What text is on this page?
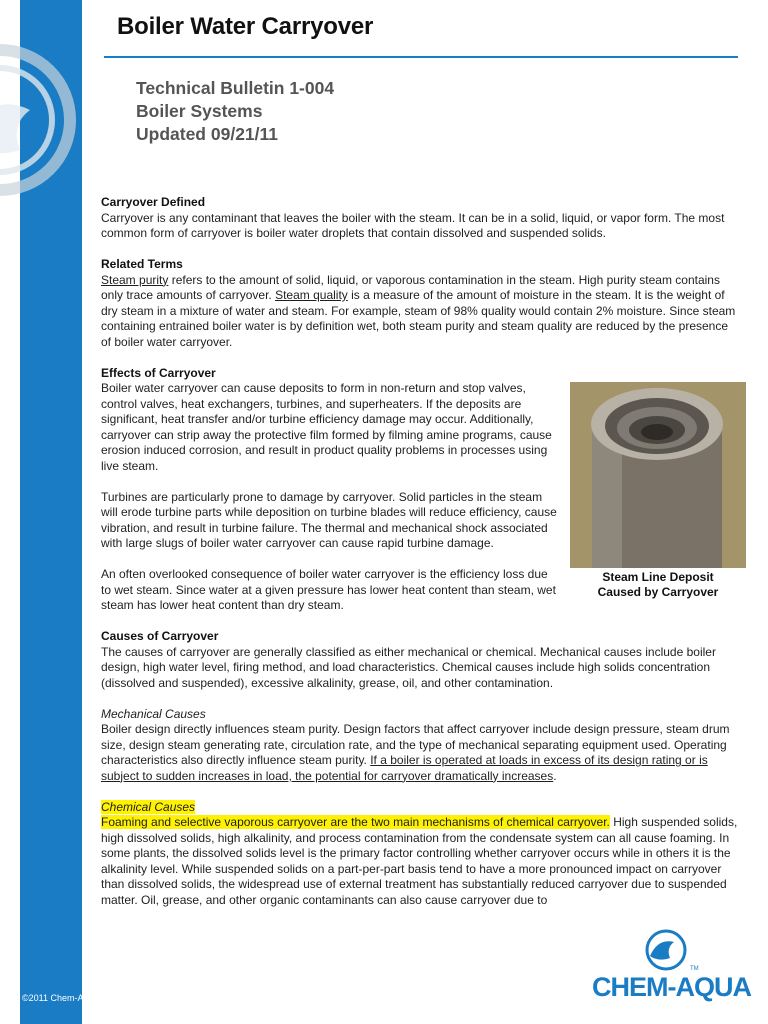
Boiler Water Carryover
Technical Bulletin 1-004
Boiler Systems
Updated 09/21/11
Carryover Defined

Carryover is any contaminant that leaves the boiler with the steam. It can be in a solid, liquid, or vapor form. The most common form of carryover is boiler water droplets that contain dissolved and suspended solids.

Related Terms

Steam purity refers to the amount of solid, liquid, or vaporous contamination in the steam. High purity steam contains only trace amounts of carryover. Steam quality is a measure of the amount of moisture in the steam. It is the weight of dry steam in a mixture of water and steam. For example, steam of 98% quality would contain 2% moisture. Since steam containing entrained boiler water is by definition wet, both steam purity and steam quality are reduced by the presence of boiler water carryover.

Effects of Carryover

Boiler water carryover can cause deposits to form in non-return and stop valves, control valves, heat exchangers, turbines, and superheaters. If the deposits are significant, heat transfer and/or turbine efficiency damage may occur. Additionally, carryover can strip away the protective film formed by filming amine programs, cause erosion induced corrosion, and result in product quality problems in processes using live steam.

Turbines are particularly prone to damage by carryover. Solid particles in the steam will erode turbine parts while deposition on turbine blades will reduce efficiency, cause vibration, and result in turbine failure. The thermal and mechanical shock associated with large slugs of boiler water carryover can cause rapid turbine damage.

An often overlooked consequence of boiler water carryover is the efficiency loss due to wet steam. Since water at a given pressure has lower heat content than steam, wet steam has lower heat content than dry steam.

Causes of Carryover

The causes of carryover are generally classified as either mechanical or chemical. Mechanical causes include boiler design, high water level, firing method, and load characteristics. Chemical causes include high solids concentration (dissolved and suspended), excessive alkalinity, grease, oil, and other contamination.

Mechanical Causes

Boiler design directly influences steam purity. Design factors that affect carryover include design pressure, steam drum size, design steam generating rate, circulation rate, and the type of mechanical separating equipment used. Operating characteristics also directly influence steam purity. If a boiler is operated at loads in excess of its design rating or is subject to sudden increases in load, the potential for carryover dramatically increases.

Chemical Causes

Foaming and selective vaporous carryover are the two main mechanisms of chemical carryover. High suspended solids, high dissolved solids, high alkalinity, and process contamination from the condensate system can all cause foaming. In some plants, the dissolved solids level is the primary factor controlling whether carryover occurs while in others it is the alkalinity level. While suspended solids on a part-per-part basis tend to have a more pronounced impact on carryover than dissolved solids, the widespread use of external treatment has substantially reduced carryover due to suspended matter. Oil, grease, and other organic contaminants can also cause carryover due to

Steam Line Deposit
Caused by Carryover
©2011 Chem-Aqua, Inc.
TM
CHEM-AQUA
